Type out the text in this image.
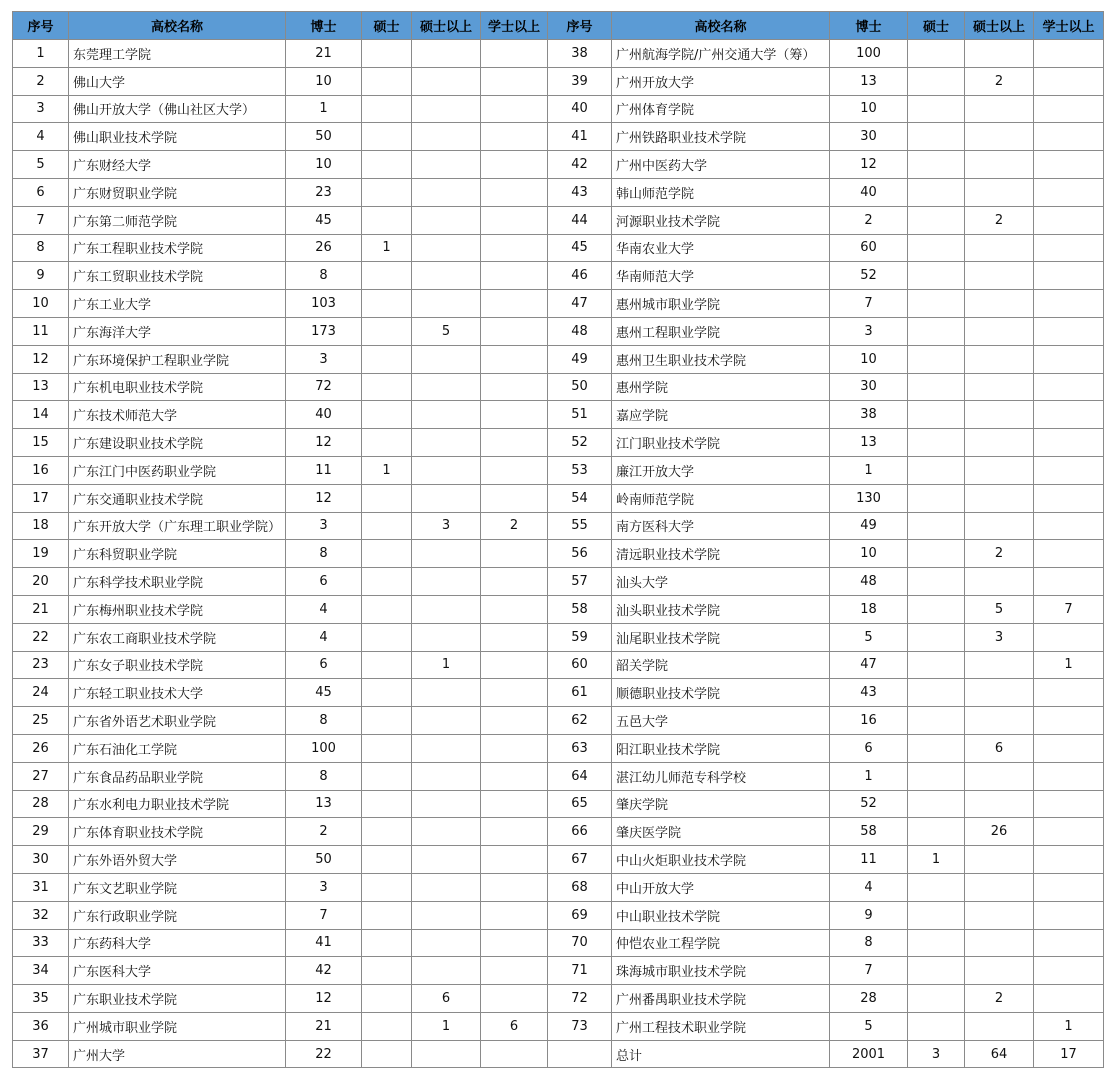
序号	高校名称	博士	硕士	硕士以上	学士以上	序号	高校名称	博士	硕士	硕士以上	学士以上
1	东莞理工学院	21				38	广州航海学院/广州交通大学（筹）	100			
2	佛山大学	10				39	广州开放大学	13		2	
3	佛山开放大学（佛山社区大学）	1				40	广州体育学院	10			
4	佛山职业技术学院	50				41	广州铁路职业技术学院	30			
5	广东财经大学	10				42	广州中医药大学	12			
6	广东财贸职业学院	23				43	韩山师范学院	40			
7	广东第二师范学院	45				44	河源职业技术学院	2		2	
8	广东工程职业技术学院	26	1			45	华南农业大学	60			
9	广东工贸职业技术学院	8				46	华南师范大学	52			
10	广东工业大学	103				47	惠州城市职业学院	7			
11	广东海洋大学	173		5		48	惠州工程职业学院	3			
12	广东环境保护工程职业学院	3				49	惠州卫生职业技术学院	10			
13	广东机电职业技术学院	72				50	惠州学院	30			
14	广东技术师范大学	40				51	嘉应学院	38			
15	广东建设职业技术学院	12				52	江门职业技术学院	13			
16	广东江门中医药职业学院	11	1			53	廉江开放大学	1			
17	广东交通职业技术学院	12				54	岭南师范学院	130			
18	广东开放大学（广东理工职业学院）	3		3	2	55	南方医科大学	49			
19	广东科贸职业学院	8				56	清远职业技术学院	10		2	
20	广东科学技术职业学院	6				57	汕头大学	48			
21	广东梅州职业技术学院	4				58	汕头职业技术学院	18		5	7
22	广东农工商职业技术学院	4				59	汕尾职业技术学院	5		3	
23	广东女子职业技术学院	6		1		60	韶关学院	47			1
24	广东轻工职业技术大学	45				61	顺德职业技术学院	43			
25	广东省外语艺术职业学院	8				62	五邑大学	16			
26	广东石油化工学院	100				63	阳江职业技术学院	6		6	
27	广东食品药品职业学院	8				64	湛江幼儿师范专科学校	1			
28	广东水利电力职业技术学院	13				65	肇庆学院	52			
29	广东体育职业技术学院	2				66	肇庆医学院	58		26	
30	广东外语外贸大学	50				67	中山火炬职业技术学院	11	1		
31	广东文艺职业学院	3				68	中山开放大学	4			
32	广东行政职业学院	7				69	中山职业技术学院	9			
33	广东药科大学	41				70	仲恺农业工程学院	8			
34	广东医科大学	42				71	珠海城市职业技术学院	7			
35	广东职业技术学院	12		6		72	广州番禺职业技术学院	28		2	
36	广州城市职业学院	21		1	6	73	广州工程技术职业学院	5			1
37	广州大学	22					总计	2001	3	64	17
